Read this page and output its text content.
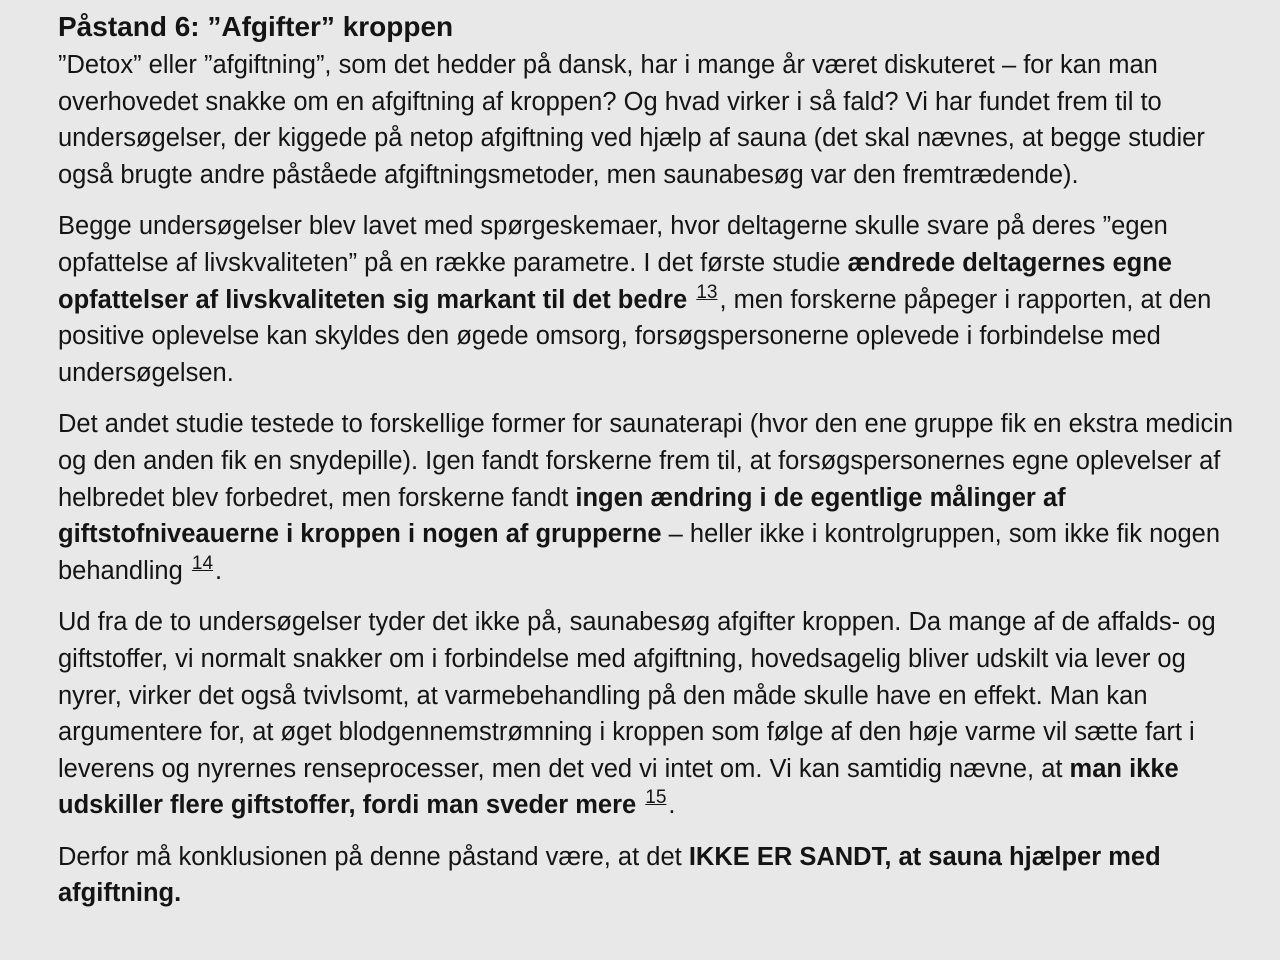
Påstand 6: ”Afgifter” kroppen

”Detox” eller ”afgiftning”, som det hedder på dansk, har i mange år været diskuteret – for kan man overhovedet snakke om en afgiftning af kroppen? Og hvad virker i så fald? Vi har fundet frem til to undersøgelser, der kiggede på netop afgiftning ved hjælp af sauna (det skal nævnes, at begge studier også brugte andre påståede afgiftningsmetoder, men saunabesøg var den fremtrædende).

Begge undersøgelser blev lavet med spørgeskemaer, hvor deltagerne skulle svare på deres ”egen opfattelse af livskvaliteten” på en række parametre. I det første studie ændrede deltagernes egne opfattelser af livskvaliteten sig markant til det bedre $^{13}$, men forskerne påpeger i rapporten, at den positive oplevelse kan skyldes den øgede omsorg, forsøgspersonerne oplevede i forbindelse med undersøgelsen.

Det andet studie testede to forskellige former for saunaterapi (hvor den ene gruppe fik en ekstra medicin og den anden fik en snydepille). Igen fandt forskerne frem til, at forsøgspersonernes egne oplevelser af helbredet blev forbedret, men forskerne fandt ingen ændring i de egentlige målinger af giftstofniveauerne i kroppen i nogen af grupperne – heller ikke i kontrolgruppen, som ikke fik nogen behandling $^{14}$.

Ud fra de to undersøgelser tyder det ikke på, saunabesøg afgifter kroppen. Da mange af de affalds- og giftstoffer, vi normalt snakker om i forbindelse med afgiftning, hovedsagelig bliver udskilt via lever og nyrer, virker det også tvivlsomt, at varmebehandling på den måde skulle have en effekt. Man kan argumentere for, at øget blodgennemstrømning i kroppen som følge af den høje varme vil sætte fart i leverens og nyrernes renseprocesser, men det ved vi intet om. Vi kan samtidig nævne, at man ikke udskiller flere giftstoffer, fordi man sveder mere $^{15}$.

Derfor må konklusionen på denne påstand være, at det IKKE ER SANDT, at sauna hjælper med afgiftning.
